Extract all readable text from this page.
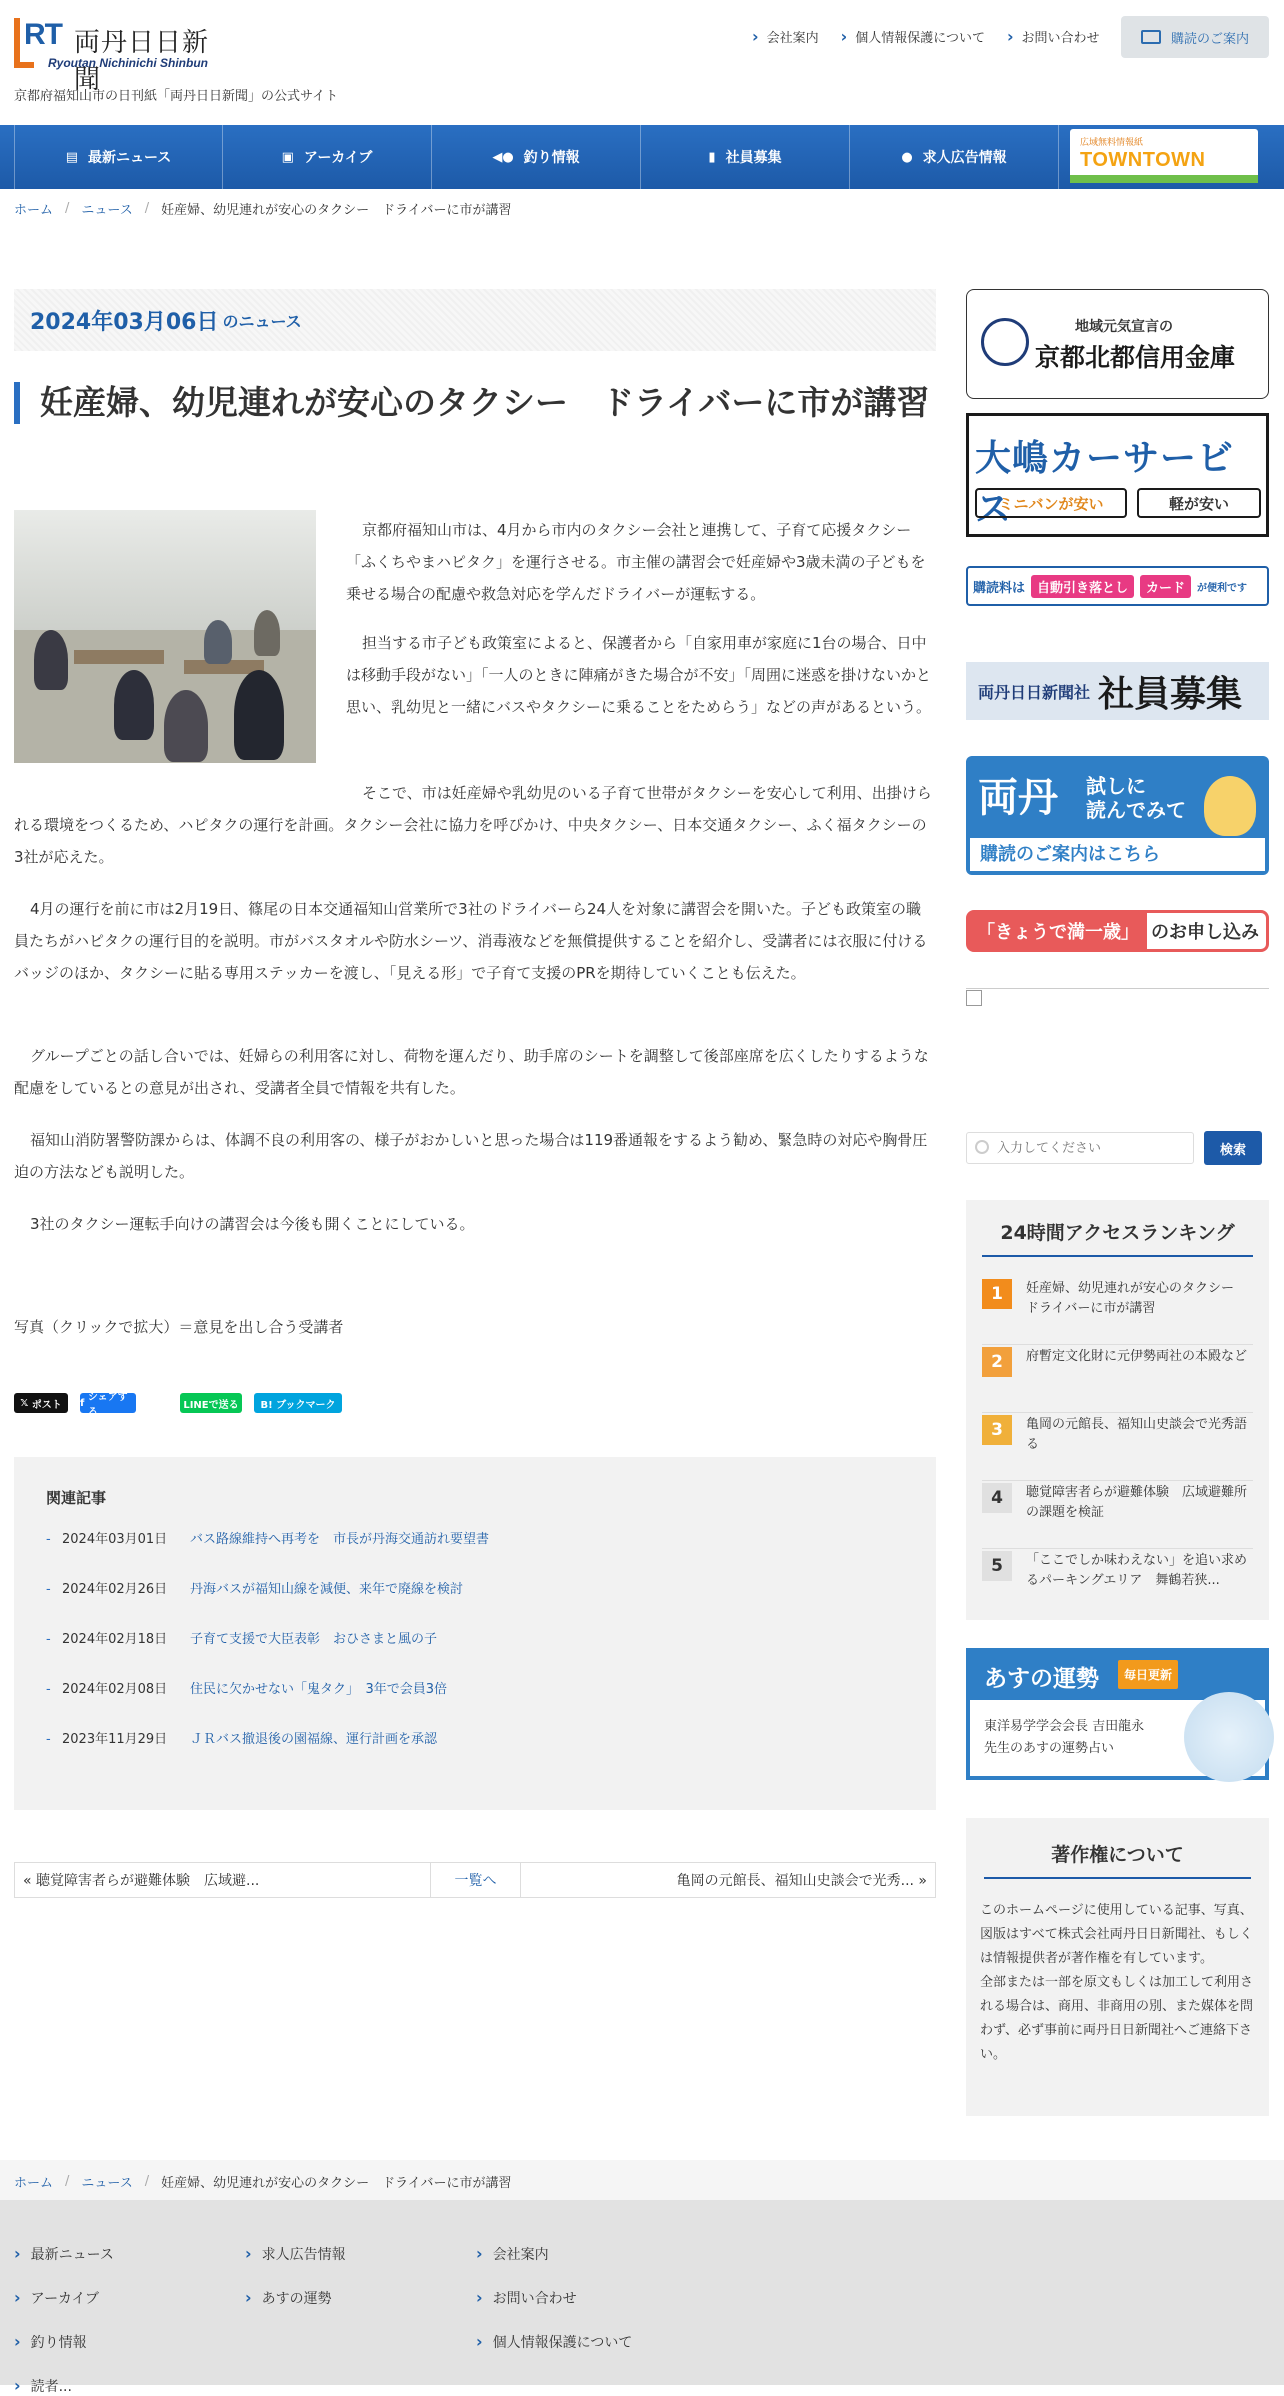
RT 両丹日日新聞
Ryoutan Nichinichi Shinbun
京都府福知山市の日刊紙「両丹日日新聞」の公式サイト
› 会社案内	› 個人情報保護について	› お問い合わせ	購読のご案内
▤ 最新ニュース	▣ アーカイブ	◀● 釣り情報	▮ 社員募集	● 求人広告情報
広域無料情報紙
TOWNTOWN
ホーム / ニュース / 妊産婦、幼児連れが安心のタクシー　ドライバーに市が講習
2024年03月06日 のニュース
妊産婦、幼児連れが安心のタクシー　ドライバーに市が講習

京都府福知山市は、4月から市内のタクシー会社と連携して、子育て応援タクシー「ふくちやまハピタク」を運行させる。市主催の講習会で妊産婦や3歳未満の子どもを乗せる場合の配慮や救急対応を学んだドライバーが運転する。

担当する市子ども政策室によると、保護者から「自家用車が家庭に1台の場合、日中は移動手段がない」「一人のときに陣痛がきた場合が不安」「周囲に迷惑を掛けないかと思い、乳幼児と一緒にバスやタクシーに乗ることをためらう」などの声があるという。

そこで、市は妊産婦や乳幼児のいる子育て世帯がタクシーを安心して利用、出掛けられる環境をつくるため、ハピタクの運行を計画。タクシー会社に協力を呼びかけ、中央タクシー、日本交通タクシー、ふく福タクシーの3社が応えた。

4月の運行を前に市は2月19日、篠尾の日本交通福知山営業所で3社のドライバーら24人を対象に講習会を開いた。子ども政策室の職員たちがハピタクの運行目的を説明。市がバスタオルや防水シーツ、消毒液などを無償提供することを紹介し、受講者には衣服に付けるバッジのほか、タクシーに貼る専用ステッカーを渡し、「見える形」で子育て支援のPRを期待していくことも伝えた。

グループごとの話し合いでは、妊婦らの利用客に対し、荷物を運んだり、助手席のシートを調整して後部座席を広くしたりするような配慮をしているとの意見が出され、受講者全員で情報を共有した。

福知山消防署警防課からは、体調不良の利用客の、様子がおかしいと思った場合は119番通報をするよう勧め、緊急時の対応や胸骨圧迫の方法なども説明した。

3社のタクシー運転手向けの講習会は今後も開くことにしている。

写真（クリックで拡大）＝意見を出し合う受講者
𝕏 ポスト f シェアする
LINEで送る B! ブックマーク
関連記事
- 2024年03月01日	バス路線維持へ再考を　市長が丹海交通訪れ要望書
- 2024年02月26日	丹海バスが福知山線を減便、来年で廃線を検討
- 2024年02月18日	子育て支援で大臣表彰　おひさまと風の子
- 2024年02月08日	住民に欠かせない「鬼タク」　3年で会員3倍
- 2023年11月29日	ＪＲバス撤退後の園福線、運行計画を承認
« 聴覚障害者らが避難体験　広域避...	一覧へ	亀岡の元館長、福知山史談会で光秀... »
地域元気宣言の
京都北都信用金庫
大嶋カーサービス
ミニバンが安い	軽が安い
購読料は 自動引き落とし	カード	が便利です
両丹日日新聞社 社員募集
両丹 試しに
読んでみて
購読のご案内はこちら
「きょうで満一歳」 のお申し込み
入力してください
検索
24時間アクセスランキング
1	妊産婦、幼児連れが安心のタクシー　ドライバーに市が講習
2	府暫定文化財に元伊勢両社の本殿など
3	亀岡の元館長、福知山史談会で光秀語る
4	聴覚障害者らが避難体験　広域避難所の課題を検証
5	「ここでしか味わえない」を追い求めるパーキングエリア　舞鶴若狭...
あすの運勢	毎日更新
東洋易学学会会長 吉田龍永
先生のあすの運勢占い
著作権について

このホームページに使用している記事、写真、図版はすべて株式会社両丹日日新聞社、もしくは情報提供者が著作権を有しています。

全部または一部を原文もしくは加工して利用される場合は、商用、非商用の別、また媒体を問わず、必ず事前に両丹日日新聞社へご連絡下さい。

ホーム / ニュース / 妊産婦、幼児連れが安心のタクシー　ドライバーに市が講習
› 最新ニュース
› アーカイブ
› 釣り情報
› 読者...
› 求人広告情報
› あすの運勢
› 会社案内
› お問い合わせ
› 個人情報保護について
